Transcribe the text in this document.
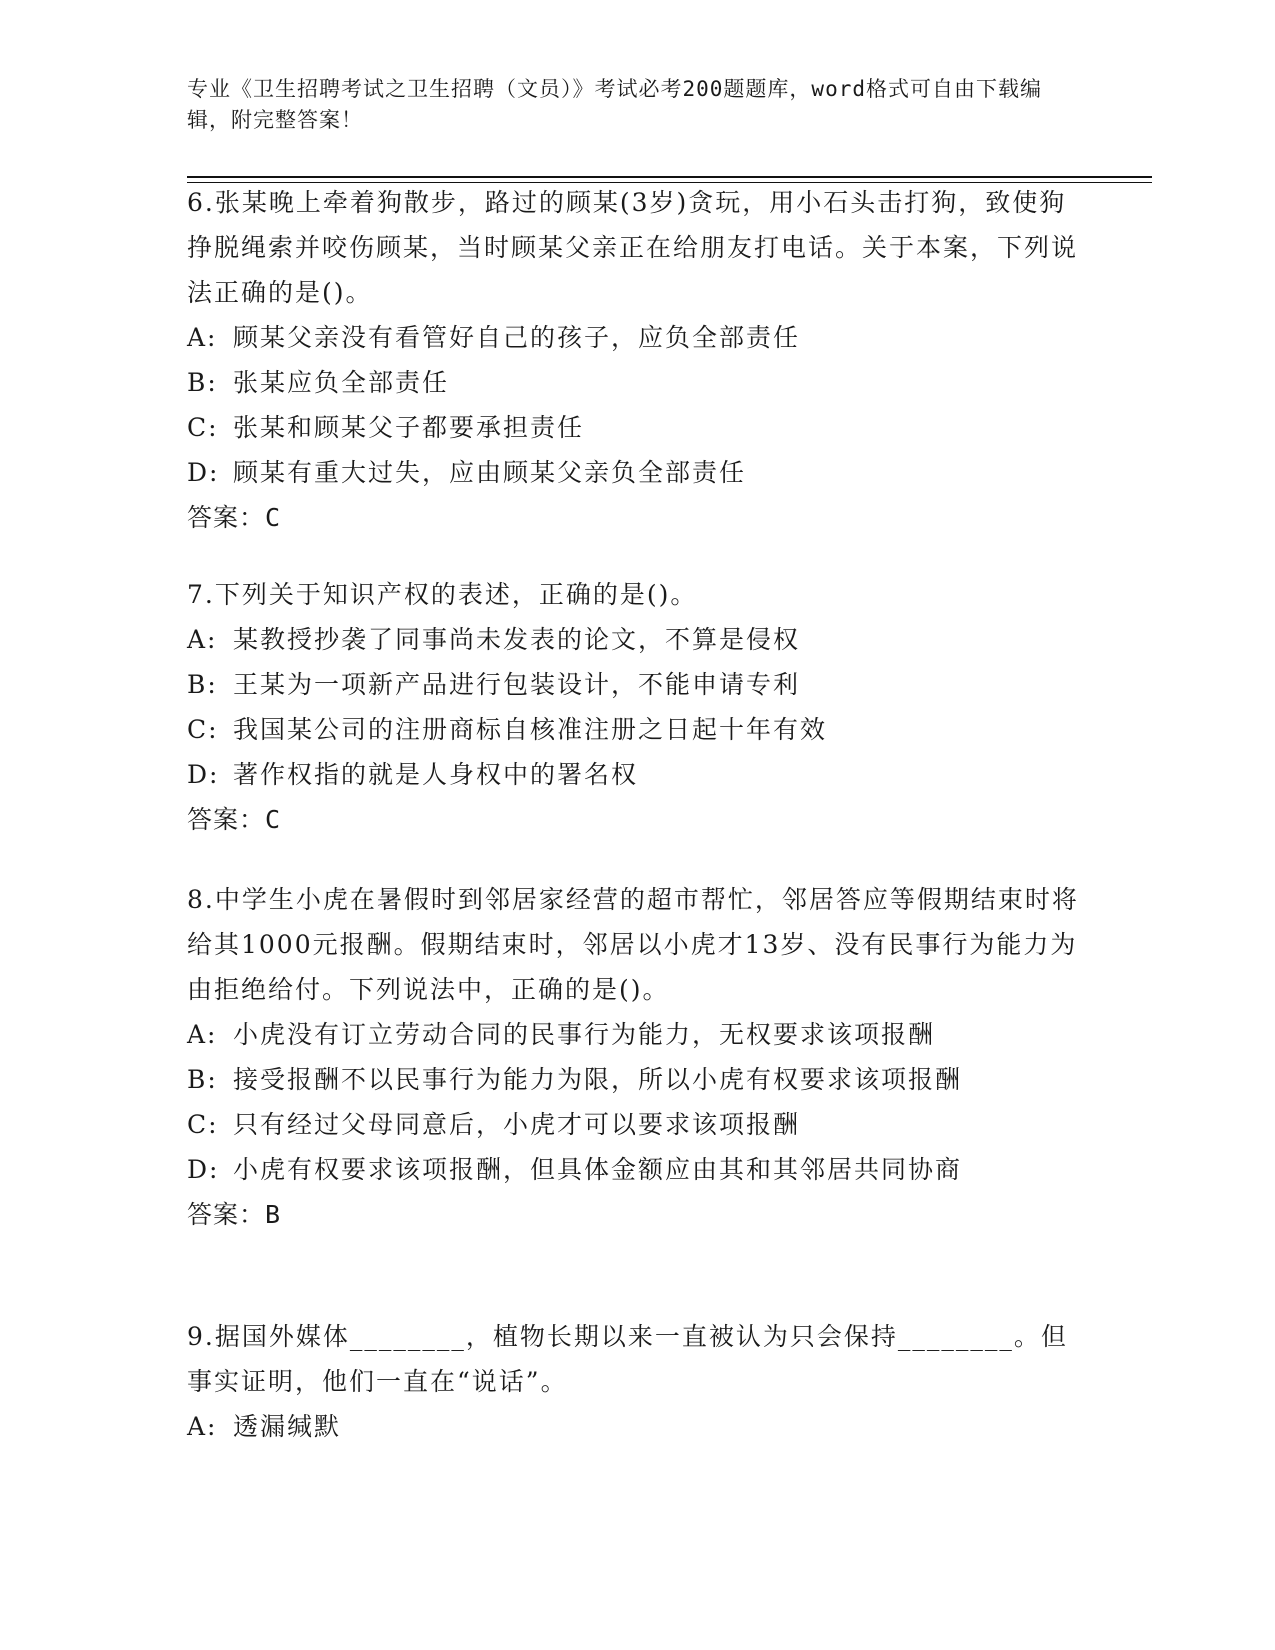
专业《卫生招聘考试之卫生招聘（文员）》考试必考200题题库，word格式可自由下载编辑，附完整答案！

6.张某晚上牵着狗散步，路过的顾某(3岁)贪玩，用小石头击打狗，致使狗挣脱绳索并咬伤顾某，当时顾某父亲正在给朋友打电话。关于本案，下列说法正确的是()。

A: 顾某父亲没有看管好自己的孩子，应负全部责任

B: 张某应负全部责任

C: 张某和顾某父子都要承担责任

D: 顾某有重大过失，应由顾某父亲负全部责任

答案：C

7.下列关于知识产权的表述，正确的是()。

A: 某教授抄袭了同事尚未发表的论文，不算是侵权

B: 王某为一项新产品进行包装设计，不能申请专利

C: 我国某公司的注册商标自核准注册之日起十年有效

D: 著作权指的就是人身权中的署名权

答案：C

8.中学生小虎在暑假时到邻居家经营的超市帮忙，邻居答应等假期结束时将给其1000元报酬。假期结束时，邻居以小虎才13岁、没有民事行为能力为由拒绝给付。下列说法中，正确的是()。

A: 小虎没有订立劳动合同的民事行为能力，无权要求该项报酬

B: 接受报酬不以民事行为能力为限，所以小虎有权要求该项报酬

C: 只有经过父母同意后，小虎才可以要求该项报酬

D: 小虎有权要求该项报酬，但具体金额应由其和其邻居共同协商

答案：B

9.据国外媒体________，植物长期以来一直被认为只会保持________。但事实证明，他们一直在“说话”。

A: 透漏缄默
